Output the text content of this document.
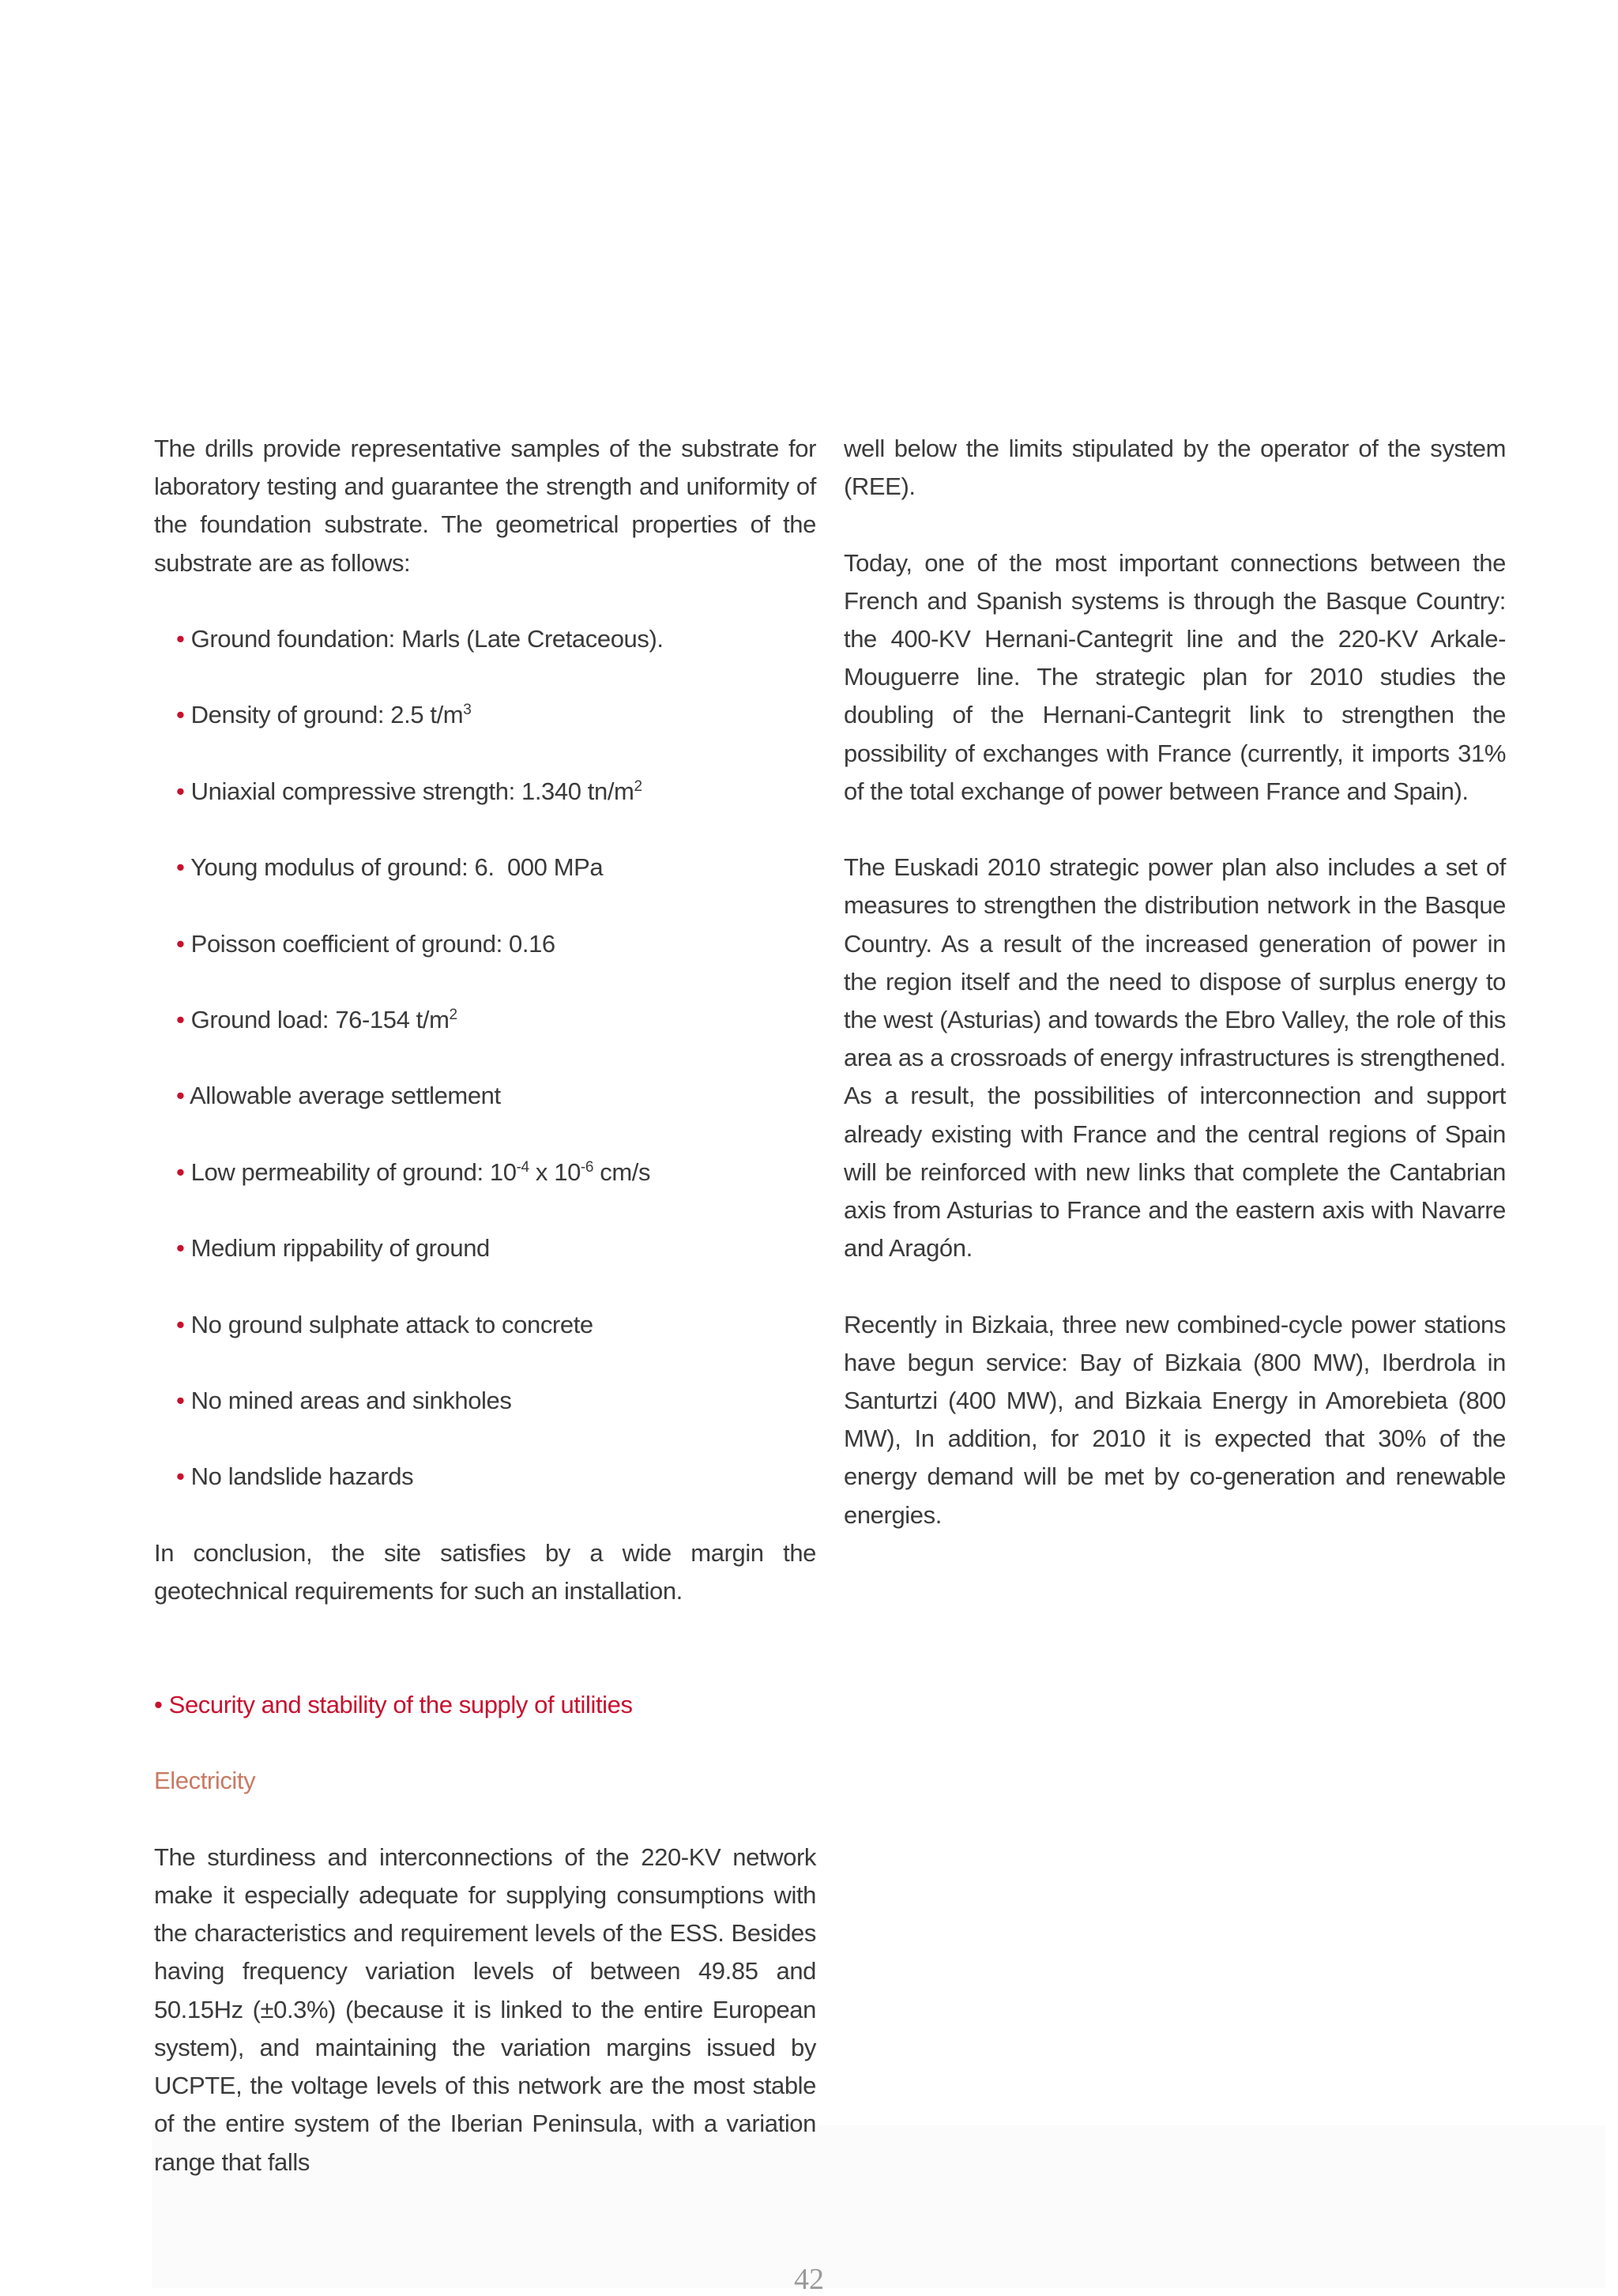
The drills provide representative samples of the substrate for laboratory testing and guarantee the strength and uniformity of the foundation substrate. The geometrical properties of the substrate are as follows:

• Ground foundation: Marls (Late Cretaceous).

• Density of ground: 2.5 $t/m^3$

• Uniaxial compressive strength: 1.340 $tn/m^2$

• Young modulus of ground: 6.  000 MPa

• Poisson coefficient of ground: 0.16

• Ground load: 76-154 $t/m^2$

• Allowable average settlement

• Low permeability of ground: $10^{-4}$ x $10^{-6}$ cm/s

• Medium rippability of ground

• No ground sulphate attack to concrete

• No mined areas and sinkholes

• No landslide hazards

In conclusion, the site satisfies by a wide margin the geotechnical requirements for such an installation.

• Security and stability of the supply of utilities

Electricity

The sturdiness and interconnections of the 220-KV network make it especially adequate for supplying consumptions with the characteristics and requirement levels of the ESS. Besides having frequency variation levels of between 49.85 and 50.15Hz (±0.3%) (because it is linked to the entire European system), and maintaining the variation margins issued by UCPTE, the voltage levels of this network are the most stable of the entire system of the Iberian Peninsula, with a variation range that falls

well below the limits stipulated by the operator of the system (REE).

Today, one of the most important connections between the French and Spanish systems is through the Basque Country: the 400-KV Hernani-Cantegrit line and the 220-KV Arkale-Mouguerre line. The strategic plan for 2010 studies the doubling of the Hernani-Cantegrit link to strengthen the possibility of exchanges with France (currently, it imports 31% of the total exchange of power between France and Spain).

The Euskadi 2010 strategic power plan also includes a set of measures to strengthen the distribution network in the Basque Country. As a result of the increased generation of power in the region itself and the need to dispose of surplus energy to the west (Asturias) and towards the Ebro Valley, the role of this area as a crossroads of energy infrastructures is strengthened. As a result, the possibilities of interconnection and support already existing with France and the central regions of Spain will be reinforced with new links that complete the Cantabrian axis from Asturias to France and the eastern axis with Navarre and Aragón.

Recently in Bizkaia, three new combined-cycle power stations have begun service: Bay of Bizkaia (800 MW), Iberdrola in Santurtzi (400 MW), and Bizkaia Energy in Amorebieta (800 MW), In addition, for 2010 it is expected that 30% of the energy demand will be met by co-generation and renewable energies.

42
